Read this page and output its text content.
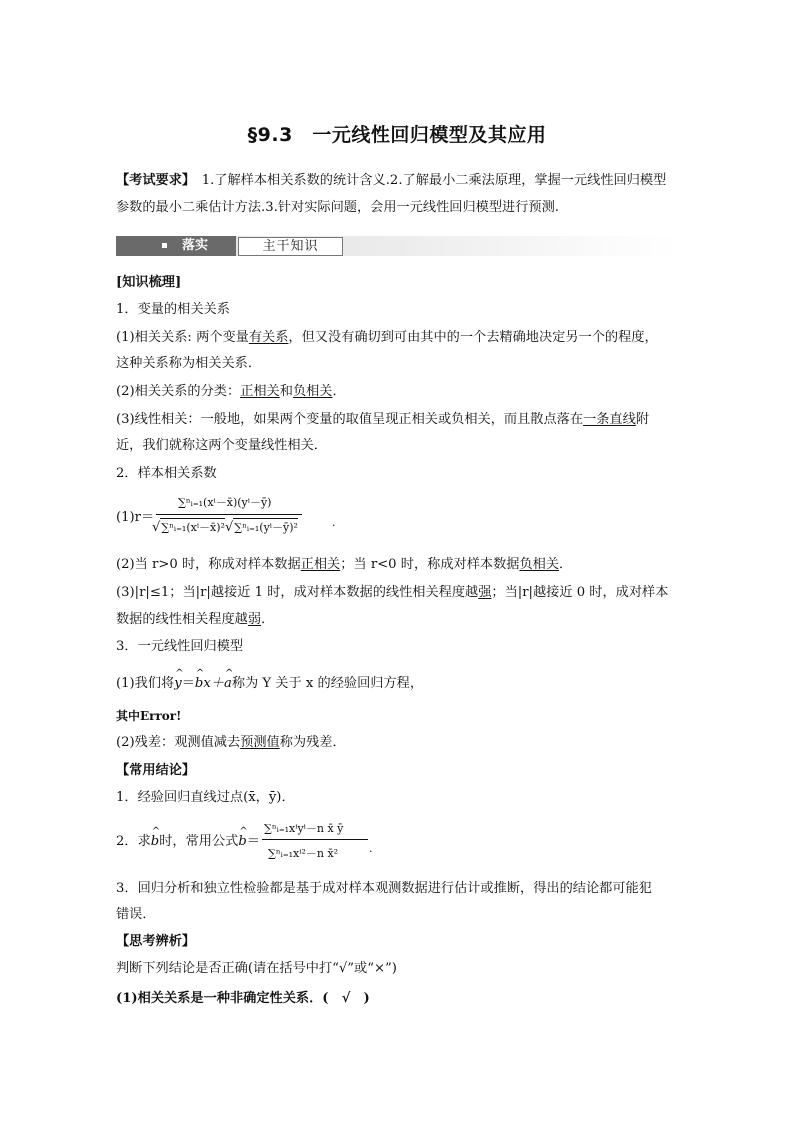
§9.3　一元线性回归模型及其应用
【考试要求】　1.了解样本相关系数的统计含义.2.了解最小二乘法原理，掌握一元线性回归模型
参数的最小二乘估计方法.3.针对实际问题，会用一元线性回归模型进行预测.
落实	主干知识
[知识梳理]
1．变量的相关关系
(1)相关关系: 两个变量有关系，但又没有确切到可由其中的一个去精确地决定另一个的程度，
这种关系称为相关关系．
(2)相关关系的分类：正相关和负相关．
(3)线性相关：一般地，如果两个变量的取值呈现正相关或负相关，而且散点落在一条直线附
近，我们就称这两个变量线性相关．
2．样本相关系数
(1)r＝
∑ⁿᵢ₌₁(xⁱ－x̄)(yⁱ－ȳ)
√∑ⁿᵢ₌₁(xⁱ－x̄)²√∑ⁿᵢ₌₁(yⁱ－ȳ)²	.
(2)当 r>0 时，称成对样本数据正相关；当 r<0 时，称成对样本数据负相关．
(3)|r|≤1；当|r|越接近 1 时，成对样本数据的线性相关程度越强；当|r|越接近 0 时，成对样本
数据的线性相关程度越弱．
3．一元线性回归模型
(1)我们将^ y＝^ bx＋^ a称为 Y 关于 x 的经验回归方程，
其中Error!
(2)残差：观测值减去预测值称为残差．
【常用结论】
1．经验回归直线过点(x̄，ȳ)．
2．求^ b时，常用公式^ b＝
∑ⁿᵢ₌₁xⁱyⁱ－n x̄ ȳ
∑ⁿᵢ₌₁xⁱ²－n x̄²	.
3．回归分析和独立性检验都是基于成对样本观测数据进行估计或推断，得出的结论都可能犯
错误．
【思考辨析】
判断下列结论是否正确(请在括号中打“√”或“×”)
(1)相关关系是一种非确定性关系．(　√　)
